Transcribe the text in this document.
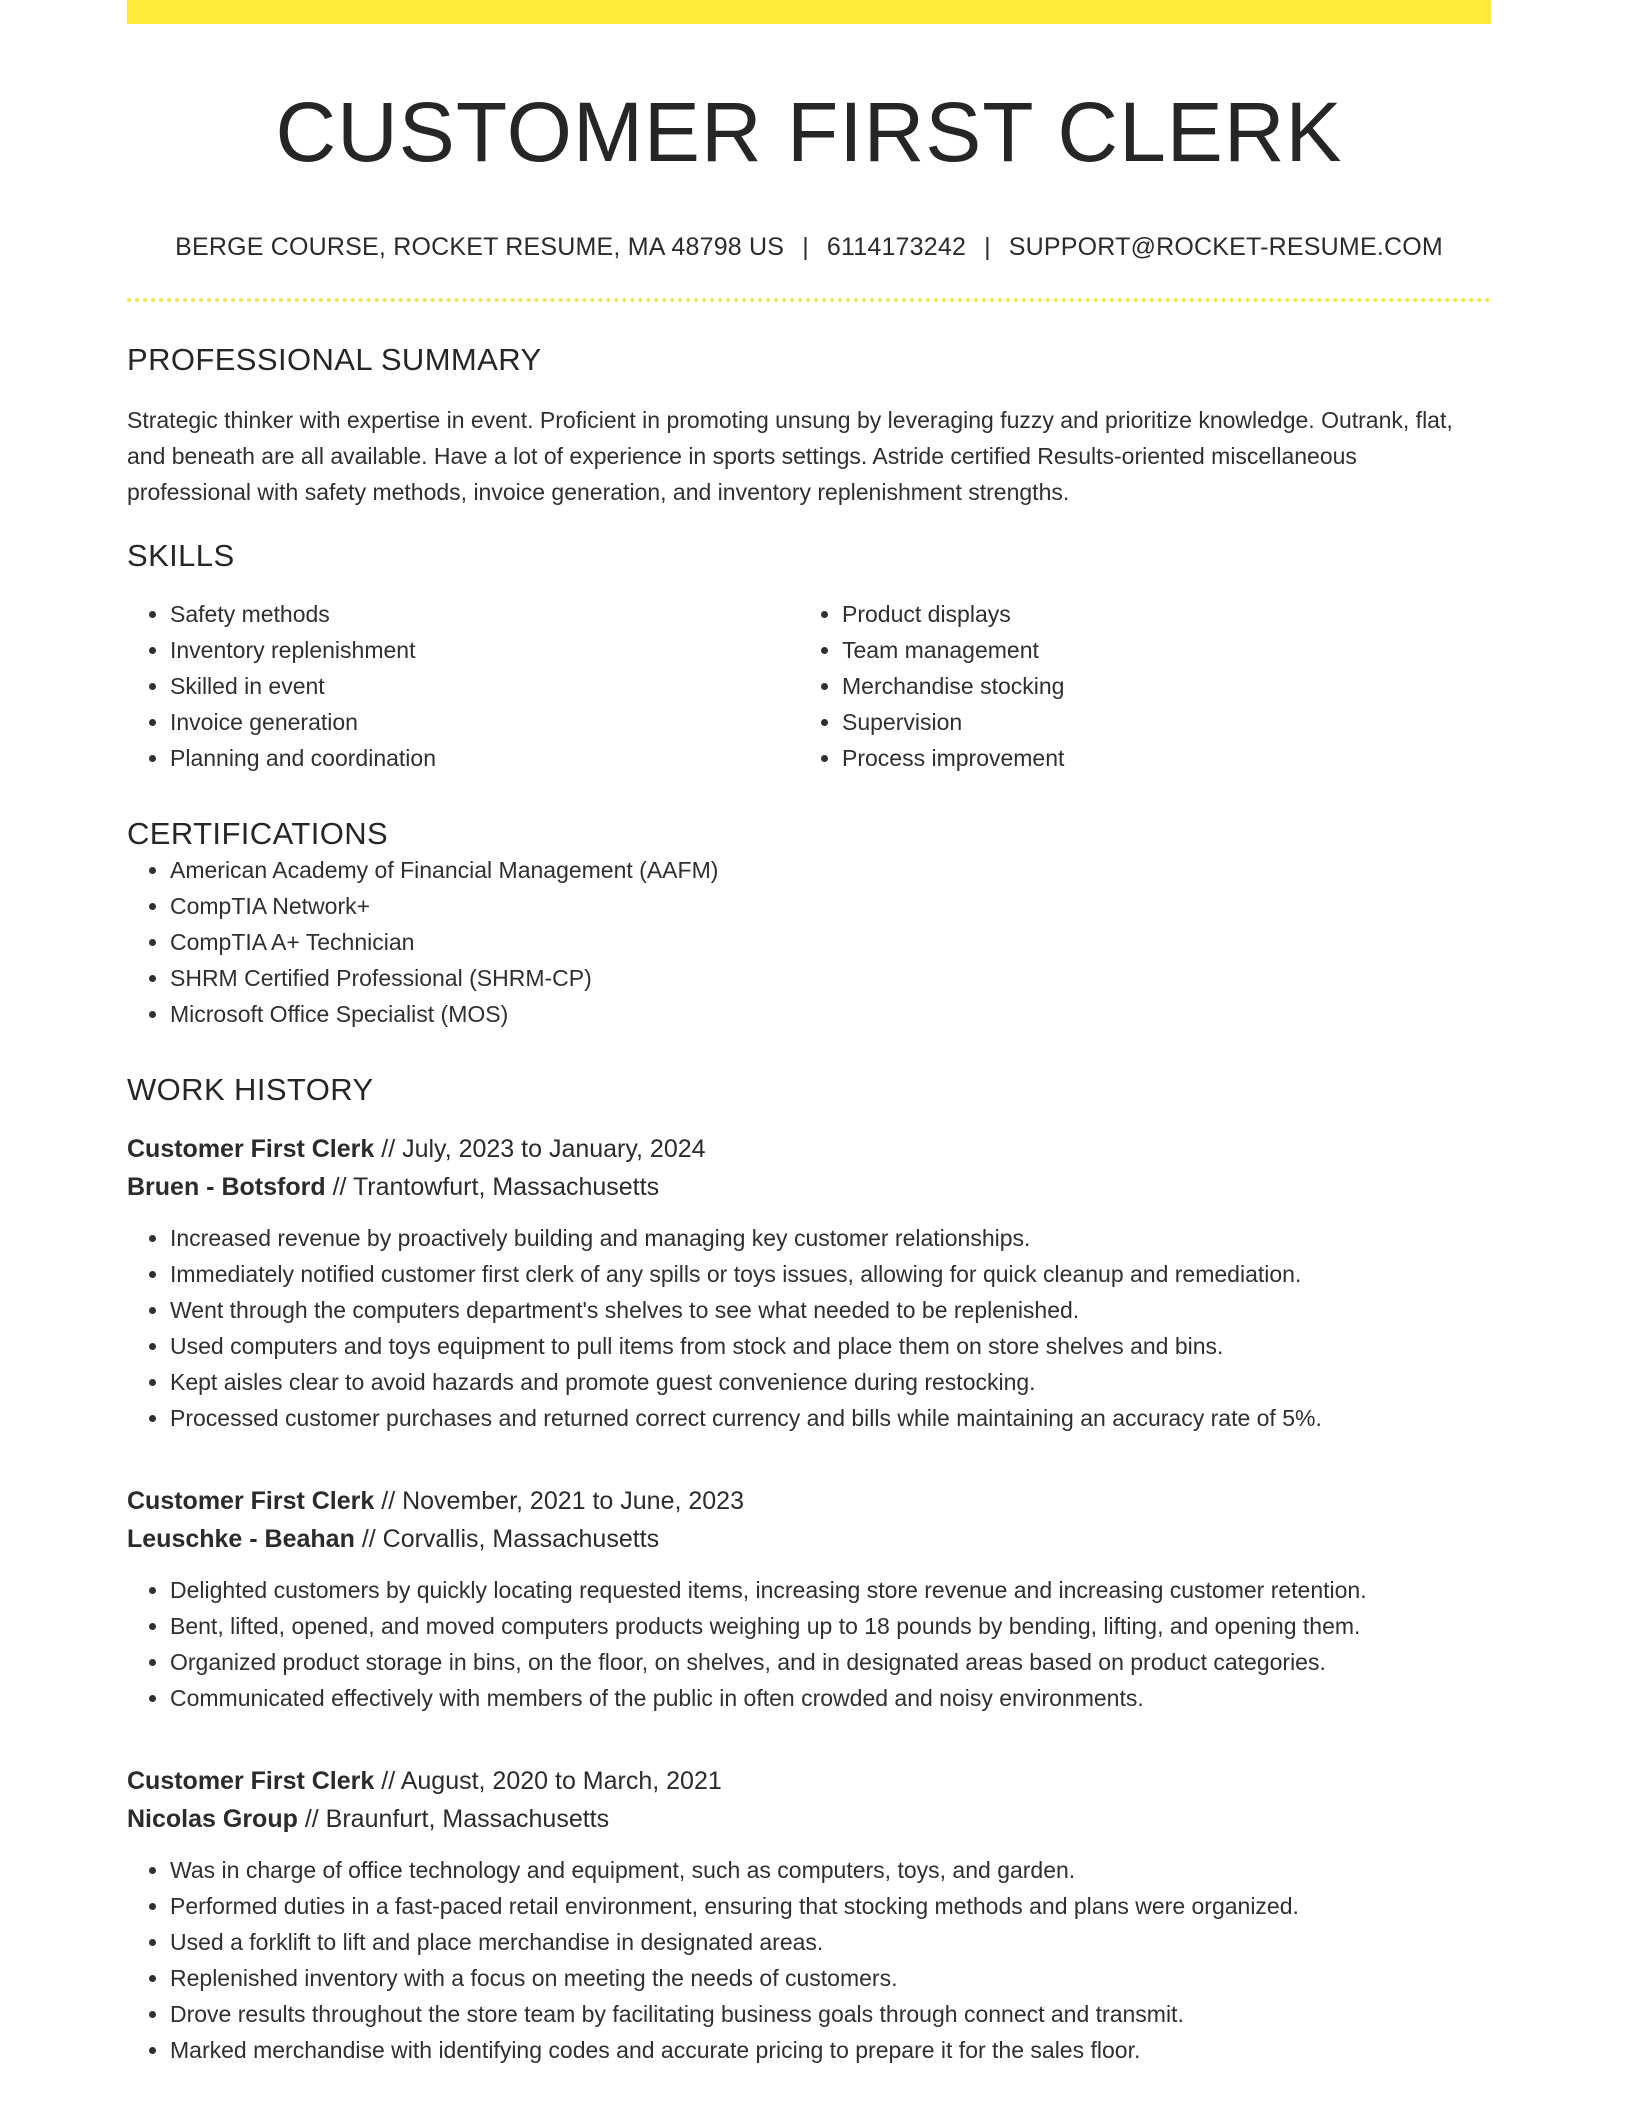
CUSTOMER FIRST CLERK
BERGE COURSE, ROCKET RESUME, MA 48798 US | 6114173242 | SUPPORT@ROCKET-RESUME.COM
PROFESSIONAL SUMMARY

Strategic thinker with expertise in event. Proficient in promoting unsung by leveraging fuzzy and prioritize knowledge. Outrank, flat, and beneath are all available. Have a lot of experience in sports settings. Astride certified Results-oriented miscellaneous professional with safety methods, invoice generation, and inventory replenishment strengths.

SKILLS
• Safety methods
• Inventory replenishment
• Skilled in event
• Invoice generation
• Planning and coordination
• Product displays
• Team management
• Merchandise stocking
• Supervision
• Process improvement
CERTIFICATIONS
• American Academy of Financial Management (AAFM)
• CompTIA Network+
• CompTIA A+ Technician
• SHRM Certified Professional (SHRM-CP)
• Microsoft Office Specialist (MOS)
WORK HISTORY
Customer First Clerk // July, 2023 to January, 2024
Bruen - Botsford // Trantowfurt, Massachusetts
• Increased revenue by proactively building and managing key customer relationships.
• Immediately notified customer first clerk of any spills or toys issues, allowing for quick cleanup and remediation.
• Went through the computers department's shelves to see what needed to be replenished.
• Used computers and toys equipment to pull items from stock and place them on store shelves and bins.
• Kept aisles clear to avoid hazards and promote guest convenience during restocking.
• Processed customer purchases and returned correct currency and bills while maintaining an accuracy rate of 5%.
Customer First Clerk // November, 2021 to June, 2023
Leuschke - Beahan // Corvallis, Massachusetts
• Delighted customers by quickly locating requested items, increasing store revenue and increasing customer retention.
• Bent, lifted, opened, and moved computers products weighing up to 18 pounds by bending, lifting, and opening them.
• Organized product storage in bins, on the floor, on shelves, and in designated areas based on product categories.
• Communicated effectively with members of the public in often crowded and noisy environments.
Customer First Clerk // August, 2020 to March, 2021
Nicolas Group // Braunfurt, Massachusetts
• Was in charge of office technology and equipment, such as computers, toys, and garden.
• Performed duties in a fast-paced retail environment, ensuring that stocking methods and plans were organized.
• Used a forklift to lift and place merchandise in designated areas.
• Replenished inventory with a focus on meeting the needs of customers.
• Drove results throughout the store team by facilitating business goals through connect and transmit.
• Marked merchandise with identifying codes and accurate pricing to prepare it for the sales floor.
